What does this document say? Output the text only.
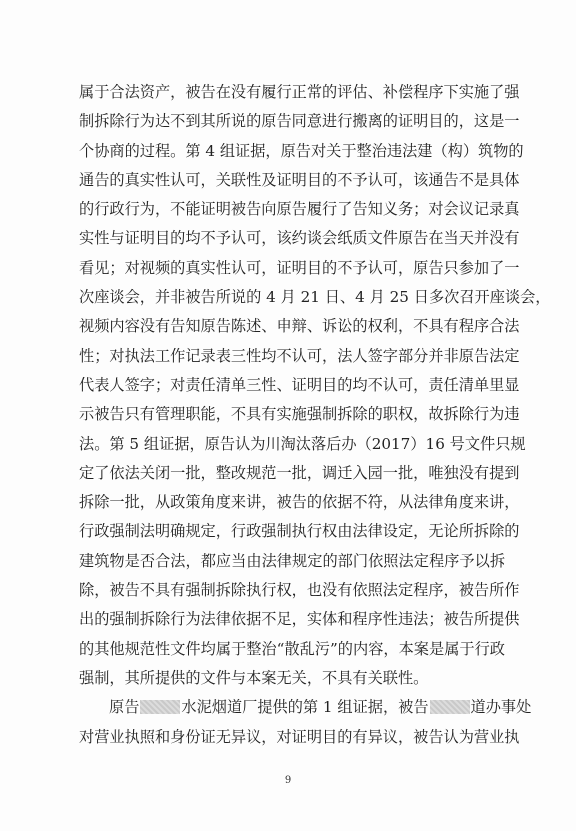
属于合法资产，被告在没有履行正常的评估、补偿程序下实施了强
制拆除行为达不到其所说的原告同意进行搬离的证明目的，这是一
个协商的过程。第 4 组证据，原告对关于整治违法建（构）筑物的
通告的真实性认可，关联性及证明目的不予认可，该通告不是具体
的行政行为，不能证明被告向原告履行了告知义务；对会议记录真
实性与证明目的均不予认可，该约谈会纸质文件原告在当天并没有
看见；对视频的真实性认可，证明目的不予认可，原告只参加了一
次座谈会，并非被告所说的 4 月 21 日、4 月 25 日多次召开座谈会，
视频内容没有告知原告陈述、申辩、诉讼的权利，不具有程序合法
性；对执法工作记录表三性均不认可，法人签字部分并非原告法定
代表人签字；对责任清单三性、证明目的均不认可，责任清单里显
示被告只有管理职能，不具有实施强制拆除的职权，故拆除行为违
法。第 5 组证据，原告认为川淘汰落后办（2017）16 号文件只规
定了依法关闭一批，整改规范一批，调迁入园一批，唯独没有提到
拆除一批，从政策角度来讲，被告的依据不符，从法律角度来讲，
行政强制法明确规定，行政强制执行权由法律设定，无论所拆除的
建筑物是否合法，都应当由法律规定的部门依照法定程序予以拆
除，被告不具有强制拆除执行权，也没有依照法定程序，被告所作
出的强制拆除行为法律依据不足，实体和程序性违法；被告所提供
的其他规范性文件均属于整治“散乱污”的内容，本案是属于行政
强制，其所提供的文件与本案无关，不具有关联性。
原告	水泥烟道厂提供的第 1 组证据，被告	道办事处
对营业执照和身份证无异议，对证明目的有异议，被告认为营业执
9
